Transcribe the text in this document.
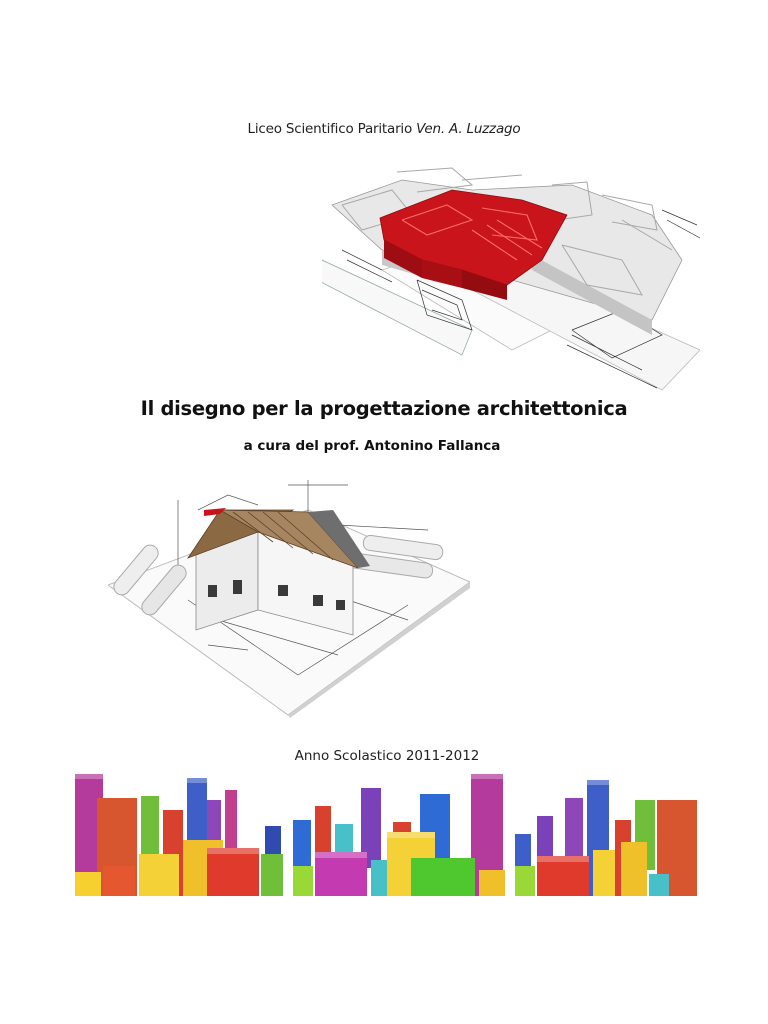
Liceo Scientifico Paritario Ven. A. Luzzago
Il disegno per la progettazione architettonica
a cura del prof. Antonino Fallanca
Anno Scolastico 2011-2012
